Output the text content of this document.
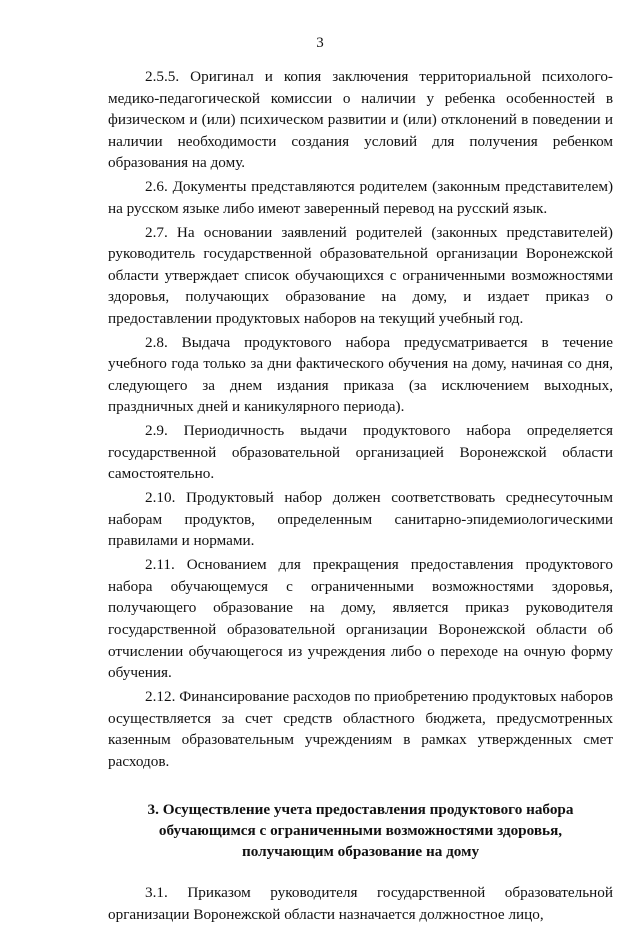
3

2.5.5. Оригинал и копия заключения территориальной психолого-медико-педагогической комиссии о наличии у ребенка особенностей в физическом и (или) психическом развитии и (или) отклонений в поведении и наличии необходимости создания условий для получения ребенком образования на дому.

2.6. Документы представляются родителем (законным представителем) на русском языке либо имеют заверенный перевод на русский язык.

2.7. На основании заявлений родителей (законных представителей) руководитель государственной образовательной организации Воронежской области утверждает список обучающихся с ограниченными возможностями здоровья, получающих образование на дому, и издает приказ о предоставлении продуктовых наборов на текущий учебный год.

2.8. Выдача продуктового набора предусматривается в течение учебного года только за дни фактического обучения на дому, начиная со дня, следующего за днем издания приказа (за исключением выходных, праздничных дней и каникулярного периода).

2.9. Периодичность выдачи продуктового набора определяется государственной образовательной организацией Воронежской области самостоятельно.

2.10. Продуктовый набор должен соответствовать среднесуточным наборам продуктов, определенным санитарно-эпидемиологическими правилами и нормами.

2.11. Основанием для прекращения предоставления продуктового набора обучающемуся с ограниченными возможностями здоровья, получающего образование на дому, является приказ руководителя государственной образовательной организации Воронежской области об отчислении обучающегося из учреждения либо о переходе на очную форму обучения.

2.12. Финансирование расходов по приобретению продуктовых наборов осуществляется за счет средств областного бюджета, предусмотренных казенным образовательным учреждениям в рамках утвержденных смет расходов.

3. Осуществление учета предоставления продуктового набора
обучающимся с ограниченными возможностями здоровья,
получающим образование на дому

3.1. Приказом руководителя государственной образовательной организации Воронежской области назначается должностное лицо,
